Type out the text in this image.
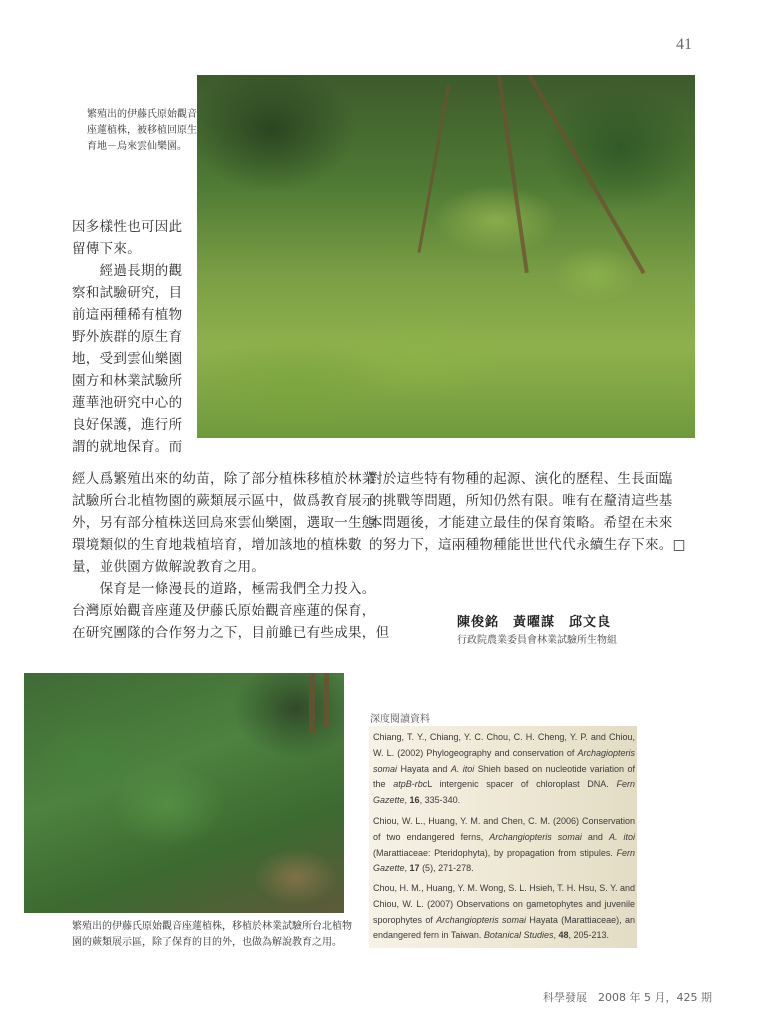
41
繁殖出的伊藤氏原始觀音
座蓮植株，被移植回原生
育地－烏來雲仙樂園。
因多樣性也可因此
留傳下來。
　　經過長期的觀
察和試驗研究，目
前這兩種稀有植物
野外族群的原生育
地，受到雲仙樂園
園方和林業試驗所
蓮華池研究中心的
良好保護，進行所
謂的就地保育。而
經人爲繁殖出來的幼苗，除了部分植株移植於林業
試驗所台北植物園的蕨類展示區中，做爲教育展示
外，另有部分植株送回烏來雲仙樂園，選取一生態
環境類似的生育地栽植培育，增加該地的植株數
量，並供園方做解說教育之用。
　　保育是一條漫長的道路，極需我們全力投入。
台灣原始觀音座蓮及伊藤氏原始觀音座蓮的保育，
在研究團隊的合作努力之下，目前雖已有些成果，但
對於這些特有物種的起源、演化的歷程、生長面臨
的挑戰等問題，所知仍然有限。唯有在釐清這些基
本問題後，才能建立最佳的保育策略。希望在未來
的努力下，這兩種物種能世世代代永續生存下來。□
陳俊銘　黃曜謀　邱文良
行政院農業委員會林業試驗所生物組
繁殖出的伊藤氏原始觀音座蓮植株，移植於林業試驗所台北植物
園的蕨類展示區，除了保育的目的外，也做為解說教育之用。
深度閱讀資料
Chiang, T. Y., Chiang, Y. C. Chou, C. H. Cheng, Y. P. and Chiou, W. L. (2002) Phylogeography and conservation of Archagiopteris somai Hayata and A. itoi Shieh based on nucleotide variation of the atpB-rbcL intergenic spacer of chloroplast DNA. Fern Gazette, 16, 335-340.
Chiou, W. L., Huang, Y. M. and Chen, C. M. (2006) Conservation of two endangered ferns, Archangiopteris somai and A. itoi (Marattiaceae: Pteridophyta), by propagation from stipules. Fern Gazette, 17 (5), 271-278.
Chou, H. M., Huang, Y. M. Wong, S. L. Hsieh, T. H. Hsu, S. Y. and Chiou, W. L. (2007) Observations on gametophytes and juvenile sporophytes of Archangiopteris somai Hayata (Marattiaceae), an endangered fern in Taiwan. Botanical Studies, 48, 205-213.
科學發展　2008 年 5 月，425 期
